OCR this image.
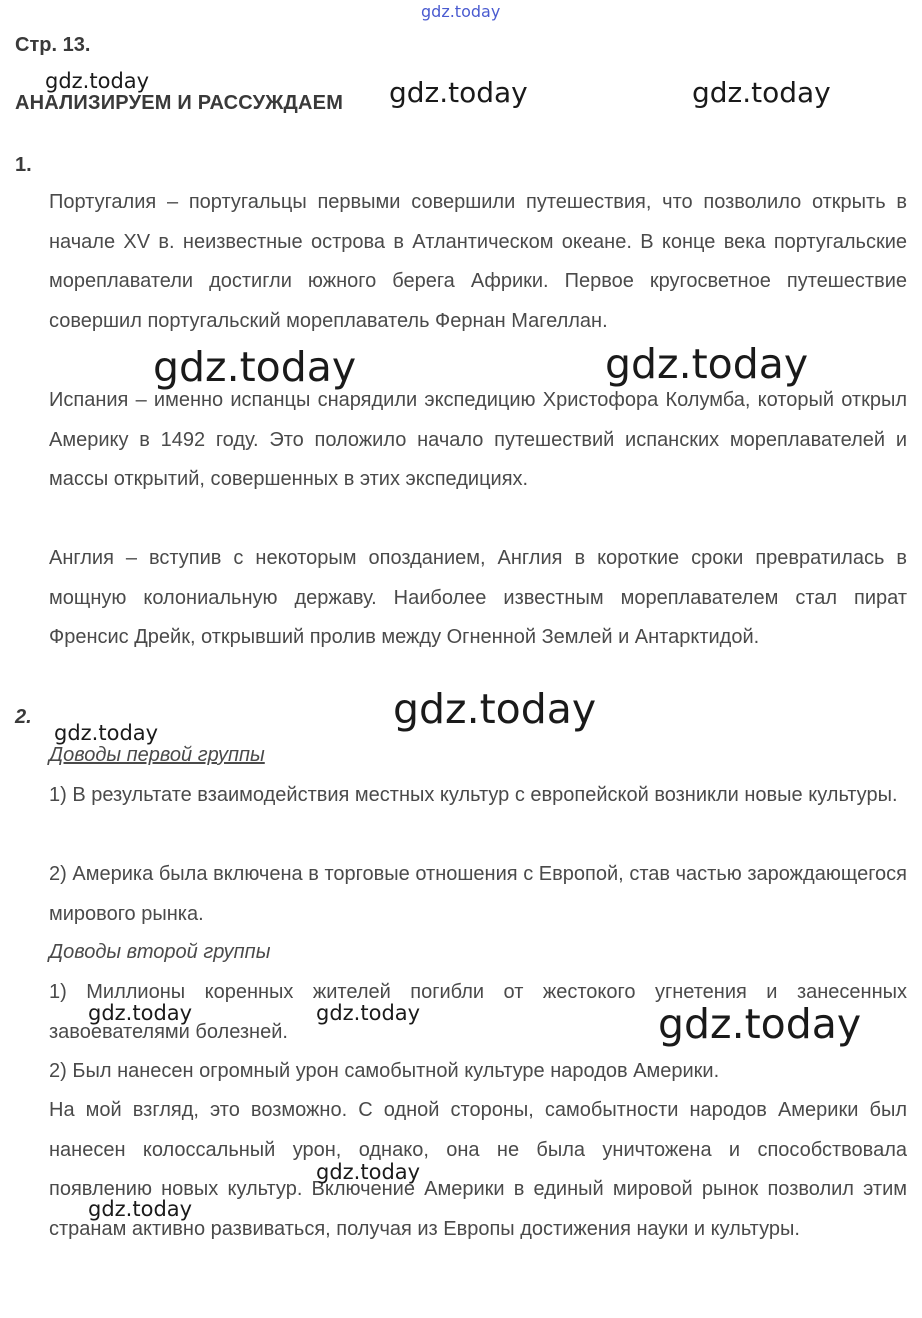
gdz.today
Стр. 13.
gdz.today
АНАЛИЗИРУЕМ И РАССУЖДАЕМ gdz.today	gdz.today
1.

Португалия – португальцы первыми совершили путешествия, что позволило открыть в начале XV в. неизвестные острова в Атлантическом океане. В конце века португальские мореплаватели достигли южного берега Африки. Первое кругосветное путешествие совершил португальский мореплаватель Фернан Магеллан.

gdz.today	gdz.today

Испания – именно испанцы снарядили экспедицию Христофора Колумба, который открыл Америку в 1492 году. Это положило начало путешествий испанских мореплавателей и массы открытий, совершенных в этих экспедициях.

Англия – вступив с некоторым опозданием, Англия в короткие сроки превратилась в мощную колониальную державу. Наиболее известным мореплавателем стал пират Френсис Дрейк, открывший пролив между Огненной Землей и Антарктидой.

2.	gdz.today
gdz.today
Доводы первой группы

1) В результате взаимодействия местных культур с европейской возникли новые культуры.

2) Америка была включена в торговые отношения с Европой, став частью зарождающегося мирового рынка.

Доводы второй группы

1) Миллионы коренных жителей погибли от жестокого угнетения и занесенных завоевателями болезней.

gdz.today	gdz.today	gdz.today

2) Был нанесен огромный урон самобытной культуре народов Америки.

На мой взгляд, это возможно. С одной стороны, самобытности народов Америки был нанесен колоссальный урон, однако, она не была уничтожена и способствовала появлению новых культур. Включение Америки в единый мировой рынок позволил этим странам активно развиваться, получая из Европы достижения науки и культуры.

gdz.today
gdz.today
